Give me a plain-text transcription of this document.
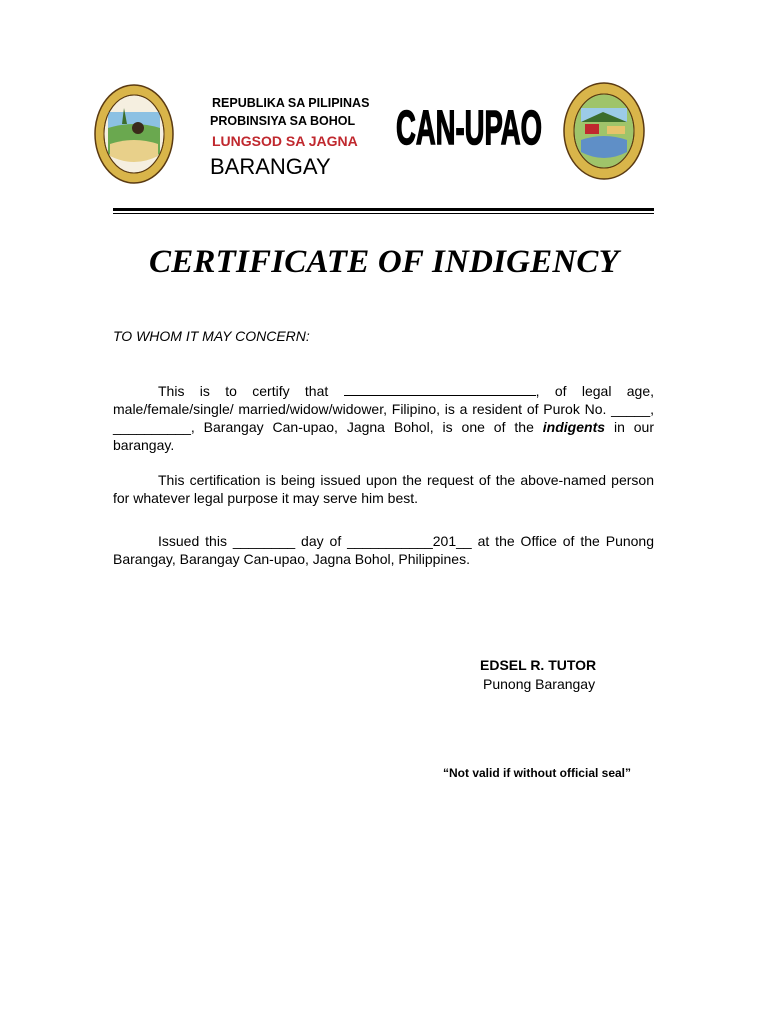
REPUBLIKA SA PILIPINAS
PROBINSIYA SA BOHOL
LUNGSOD SA JAGNA
BARANGAY
CAN-UPAO
CERTIFICATE OF INDIGENCY
TO WHOM IT MAY CONCERN:
This is to certify that	, of legal age, male/female/single/ married/widow/widower, Filipino, is a resident of Purok No. _____, __________, Barangay Can-upao, Jagna Bohol, is one of the indigents in our barangay.
This certification is being issued upon the request of the above-named person for whatever legal purpose it may serve him best.
Issued this ________ day of ___________201__ at the Office of the Punong Barangay, Barangay Can-upao, Jagna Bohol, Philippines.
EDSEL R. TUTOR
Punong Barangay
“Not valid if without official seal”
